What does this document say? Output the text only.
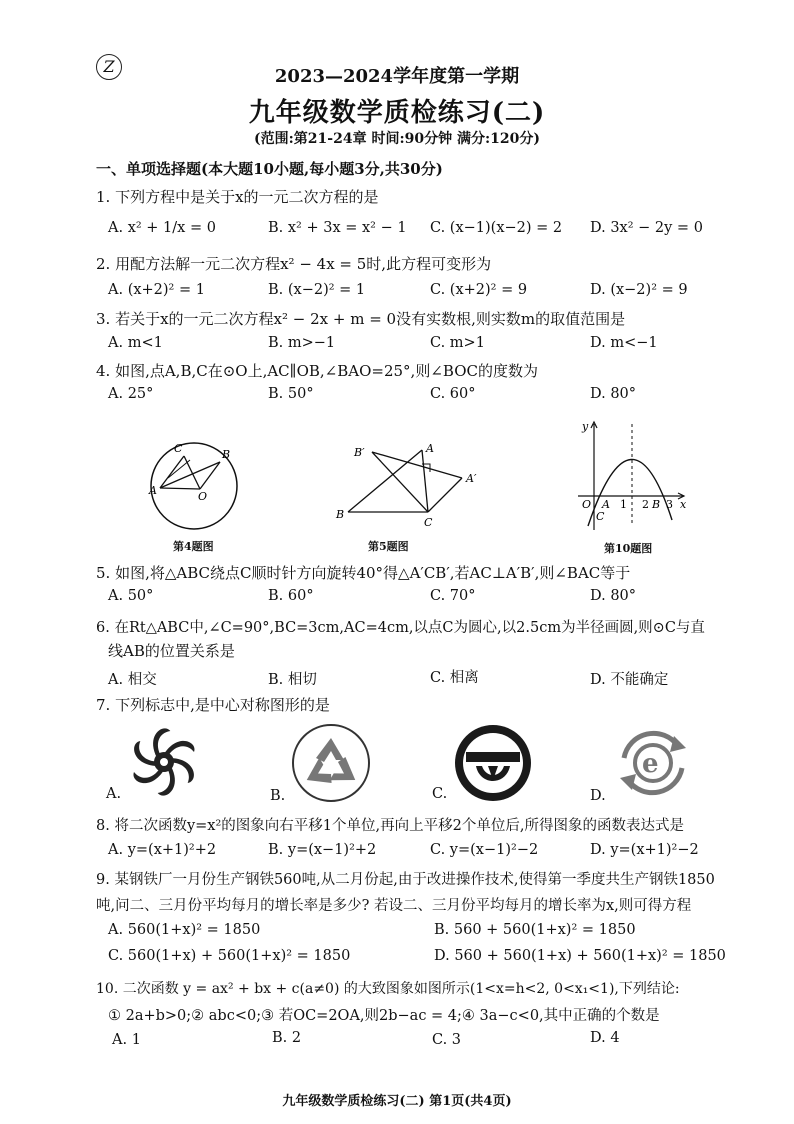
Z	2023—2024学年度第一学期
九年级数学质检练习(二)
(范围:第21-24章 时间:90分钟 满分:120分)
一、单项选择题(本大题10小题,每小题3分,共30分)
1. 下列方程中是关于x的一元二次方程的是
A. x² + 1/x = 0	B. x² + 3x = x² − 1 C. (x−1)(x−2) = 2 D. 3x² − 2y = 0
2. 用配方法解一元二次方程x² − 4x = 5时,此方程可变形为
A. (x+2)² = 1	B. (x−2)² = 1	C. (x+2)² = 9	D. (x−2)² = 9
3. 若关于x的一元二次方程x² − 2x + m = 0没有实数根,则实数m的取值范围是
A. m<1	B. m>−1	C. m>1	D. m<−1
4. 如图,点A,B,C在⊙O上,AC∥OB,∠BAO=25°,则∠BOC的度数为
A. 25°	B. 50°	C. 60°	D. 80°
C	B
A	O
第4题图
B′	A
A′
B
C
第5题图
y
O A 1 2 B 3 x
C
第10题图
5. 如图,将△ABC绕点C顺时针方向旋转40°得△A′CB′,若AC⊥A′B′,则∠BAC等于
A. 50°	B. 60°	C. 70°	D. 80°
6. 在Rt△ABC中,∠C=90°,BC=3cm,AC=4cm,以点C为圆心,以2.5cm为半径画圆,则⊙C与直
线AB的位置关系是
A. 相交	B. 相切	C. 相离	D. 不能确定
7. 下列标志中,是中心对称图形的是
e
A.	B.	C.	D.
8. 将二次函数y=x²的图象向右平移1个单位,再向上平移2个单位后,所得图象的函数表达式是
A. y=(x+1)²+2	B. y=(x−1)²+2	C. y=(x−1)²−2	D. y=(x+1)²−2
9. 某钢铁厂一月份生产钢铁560吨,从二月份起,由于改进操作技术,使得第一季度共生产钢铁1850
吨,问二、三月份平均每月的增长率是多少? 若设二、三月份平均每月的增长率为x,则可得方程
A. 560(1+x)² = 1850	B. 560 + 560(1+x)² = 1850
C. 560(1+x) + 560(1+x)² = 1850	D. 560 + 560(1+x) + 560(1+x)² = 1850
10. 二次函数 y = ax² + bx + c(a≠0) 的大致图象如图所示(1<x=h<2, 0<x₁<1),下列结论:
① 2a+b>0;② abc<0;③ 若OC=2OA,则2b−ac = 4;④ 3a−c<0,其中正确的个数是
A. 1	B. 2	C. 3	D. 4
九年级数学质检练习(二) 第1页(共4页)
